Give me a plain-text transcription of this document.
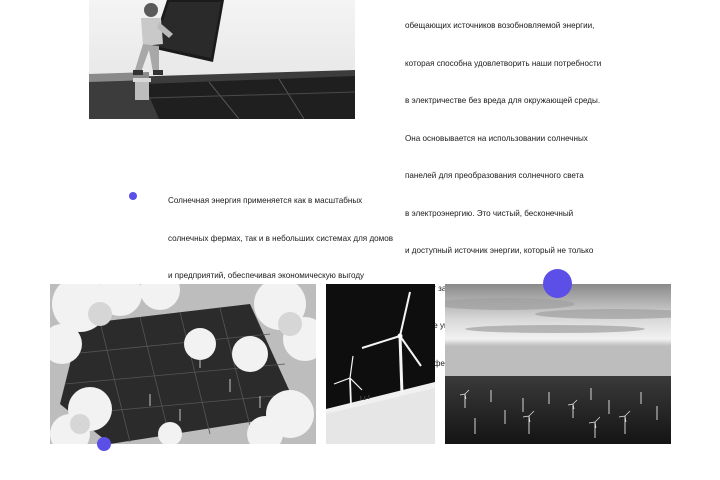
обещающих источников возобновляемой энергии,

которая способна удовлетворить наши потребности

в электричестве без вреда для окружающей среды.

Она основывается на использовании солнечных

панелей для преобразования солнечного света

в электроэнергию. Это чистый, бесконечный

и доступный источник энергии, который не только

Солнечная энергия применяется как в масштабных

солнечных фермах, так и в небольших системах для домов

и предприятий, обеспечивая экономическую выгоду
